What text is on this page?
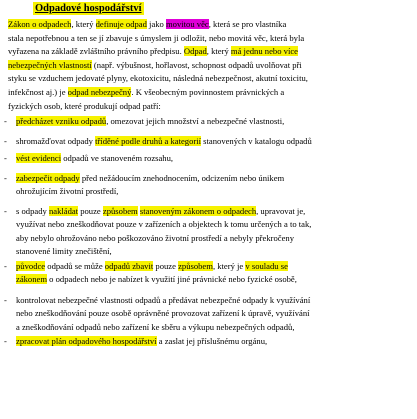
Odpadové hospodářství
Zákon o odpadech, který definuje odpad jako movitou věc, která se pro vlastníka
stala nepotřebnou a ten se jí zbavuje s úmyslem ji odložit, nebo movitá věc, která byla
vyřazena na základě zvláštního právního předpisu. Odpad, který má jednu nebo více
nebezpečných vlastností (např. výbušnost, hořlavost, schopnost odpadů uvolňovat při
styku se vzduchem jedovaté plyny, ekotoxicitu, následná nebezpečnost, akutní toxicitu,
infekčnost aj.) je odpad nebezpečný. K všeobecným povinnostem právnických a
fyzických osob, které produkují odpad patří:
-	předcházet vzniku odpadů, omezovat jejich množství a nebezpečné vlastnosti,
-	shromažďovat odpady tříděné podle druhů a kategorií stanovených v katalogu odpadů
-	vést evidenci odpadů ve stanoveném rozsahu,
-	zabezpečit odpady před nežádoucím znehodnocením, odcizením nebo únikem
ohrožujícím životní prostředí,
-	s odpady nakládat pouze způsobem stanoveným zákonem o odpadech, upravovat je,
využívat nebo zneškodňovat pouze v zařízeních a objektech k tomu určených a to tak,
aby nebylo ohrožováno nebo poškozováno životní prostředí a nebyly překročeny
stanovené limity znečištění,
-	původce odpadů se může odpadů zbavit pouze způsobem, který je v souladu se
zákonem o odpadech nebo je nabízet k využití jiné právnické nebo fyzické osobě,
-	kontrolovat nebezpečné vlastnosti odpadů a předávat nebezpečné odpady k využívání
nebo zneškodňování pouze osobě oprávněné provozovat zařízení k úpravě, využívání
a zneškodňování odpadů nebo zařízení ke sběru a výkupu nebezpečných odpadů,
-	zpracovat plán odpadového hospodářství a zaslat jej příslušnému orgánu,
